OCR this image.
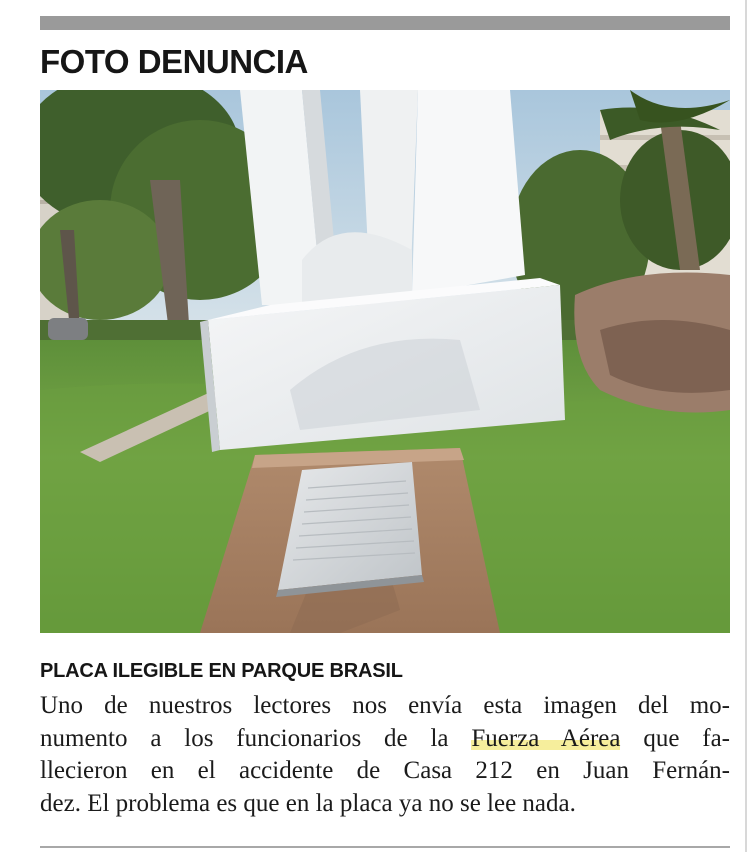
FOTO DENUNCIA
PLACA ILEGIBLE EN PARQUE BRASIL

Uno de nuestros lectores nos envía esta imagen del mo-
numento a los funcionarios de la Fuerza Aérea que fa-
llecieron en el accidente de Casa 212 en Juan Fernán-
dez. El problema es que en la placa ya no se lee nada.
